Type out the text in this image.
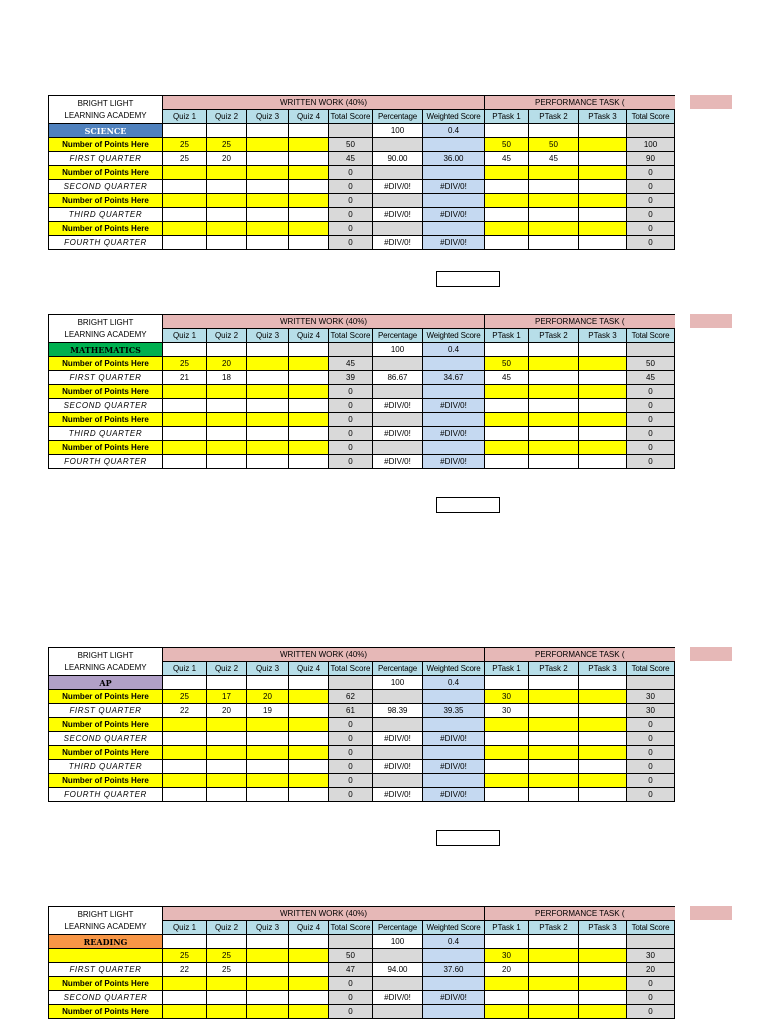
BRIGHT LIGHT
LEARNING ACADEMY	WRITTEN WORK (40%)							PERFORMANCE TASK (			
	Quiz 1	Quiz 2	Quiz 3	Quiz 4	Total Score	Percentage	Weighted Score	PTask 1	PTask 2	PTask 3	Total Score
SCIENCE						100	0.4				
Number of Points Here	25	25			50			50	50		100
FIRST QUARTER	25	20			45	90.00	36.00	45	45		90
Number of Points Here					0						0
SECOND QUARTER					0	#DIV/0!	#DIV/0!				0
Number of Points Here					0						0
THIRD QUARTER					0	#DIV/0!	#DIV/0!				0
Number of Points Here					0						0
FOURTH QUARTER					0	#DIV/0!	#DIV/0!				0
BRIGHT LIGHT
LEARNING ACADEMY	WRITTEN WORK (40%)							PERFORMANCE TASK (			
	Quiz 1	Quiz 2	Quiz 3	Quiz 4	Total Score	Percentage	Weighted Score	PTask 1	PTask 2	PTask 3	Total Score
MATHEMATICS						100	0.4				
Number of Points Here	25	20			45			50			50
FIRST QUARTER	21	18			39	86.67	34.67	45			45
Number of Points Here					0						0
SECOND QUARTER					0	#DIV/0!	#DIV/0!				0
Number of Points Here					0						0
THIRD QUARTER					0	#DIV/0!	#DIV/0!				0
Number of Points Here					0						0
FOURTH QUARTER					0	#DIV/0!	#DIV/0!				0
BRIGHT LIGHT
LEARNING ACADEMY	WRITTEN WORK (40%)							PERFORMANCE TASK (			
	Quiz 1	Quiz 2	Quiz 3	Quiz 4	Total Score	Percentage	Weighted Score	PTask 1	PTask 2	PTask 3	Total Score
AP						100	0.4				
Number of Points Here	25	17	20		62			30			30
FIRST QUARTER	22	20	19		61	98.39	39.35	30			30
Number of Points Here					0						0
SECOND QUARTER					0	#DIV/0!	#DIV/0!				0
Number of Points Here					0						0
THIRD QUARTER					0	#DIV/0!	#DIV/0!				0
Number of Points Here					0						0
FOURTH QUARTER					0	#DIV/0!	#DIV/0!				0
BRIGHT LIGHT
LEARNING ACADEMY	WRITTEN WORK (40%)							PERFORMANCE TASK (			
	Quiz 1	Quiz 2	Quiz 3	Quiz 4	Total Score	Percentage	Weighted Score	PTask 1	PTask 2	PTask 3	Total Score
READING						100	0.4				
	25	25			50			30			30
FIRST QUARTER	22	25			47	94.00	37.60	20			20
Number of Points Here					0						0
SECOND QUARTER					0	#DIV/0!	#DIV/0!				0
Number of Points Here					0						0
